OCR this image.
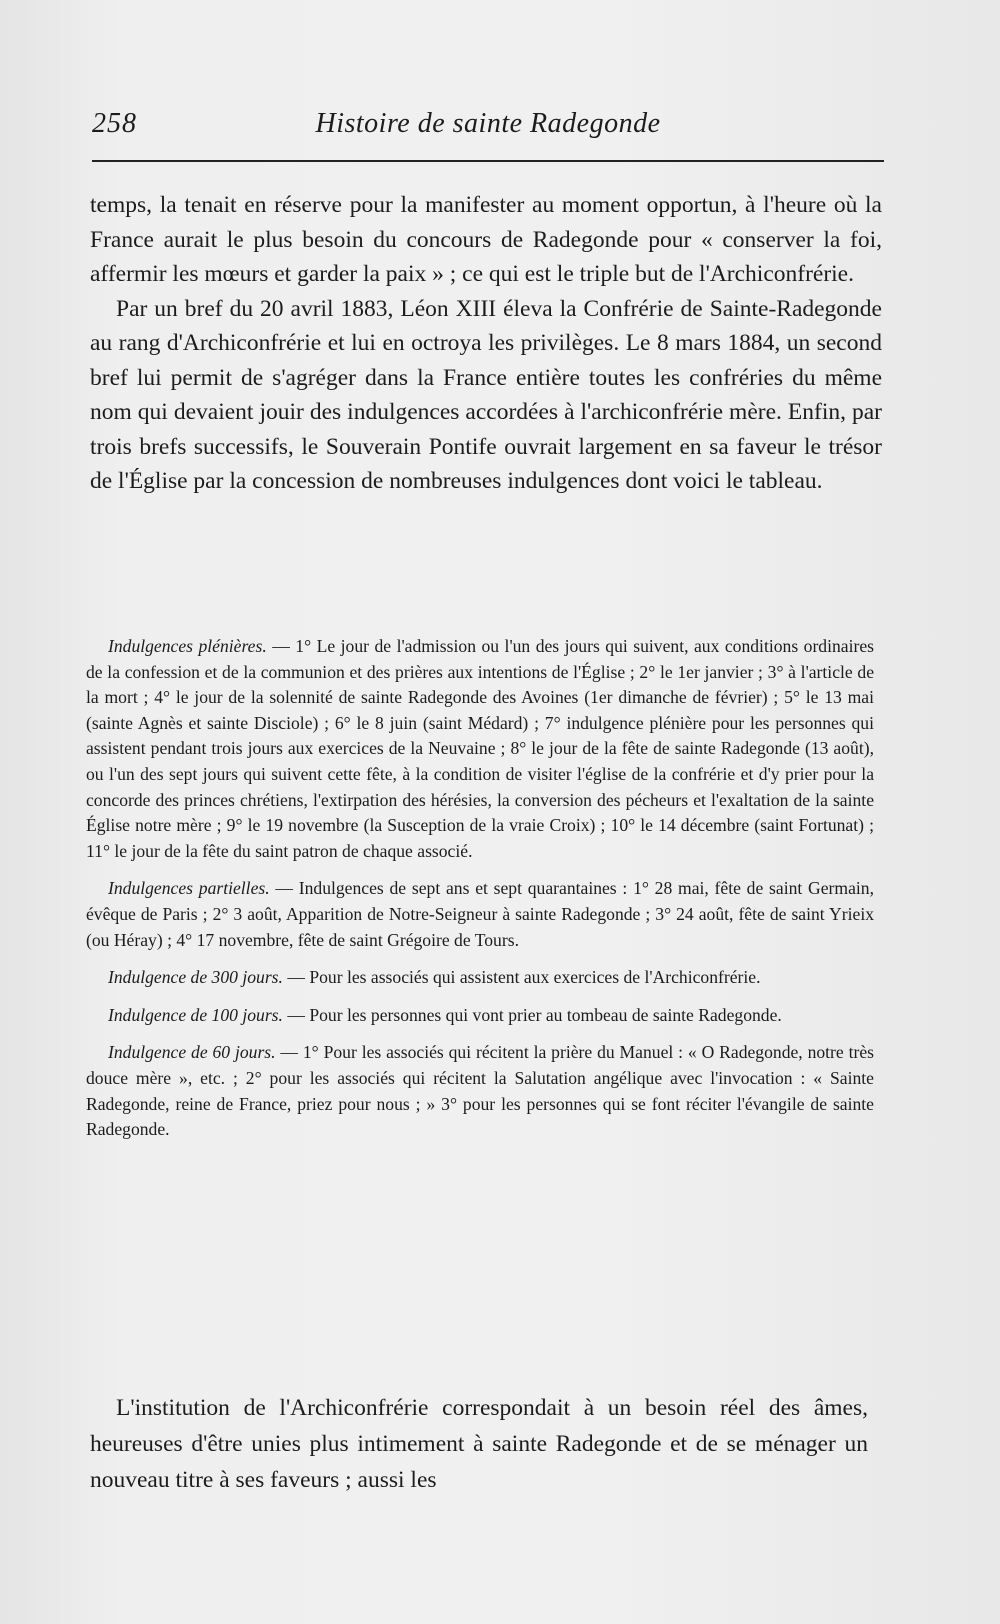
258	Histoire de sainte Radegonde

temps, la tenait en réserve pour la manifester au moment opportun, à l'heure où la France aurait le plus besoin du concours de Radegonde pour « conserver la foi, affermir les mœurs et garder la paix » ; ce qui est le triple but de l'Archiconfrérie.

Par un bref du 20 avril 1883, Léon XIII éleva la Confrérie de Sainte-Radegonde au rang d'Archiconfrérie et lui en octroya les privilèges. Le 8 mars 1884, un second bref lui permit de s'agréger dans la France entière toutes les confréries du même nom qui devaient jouir des indulgences accordées à l'archiconfrérie mère. Enfin, par trois brefs successifs, le Souverain Pontife ouvrait largement en sa faveur le trésor de l'Église par la concession de nombreuses indulgences dont voici le tableau.

Indulgences plénières. — 1° Le jour de l'admission ou l'un des jours qui suivent, aux conditions ordinaires de la confession et de la communion et des prières aux intentions de l'Église ; 2° le 1er janvier ; 3° à l'article de la mort ; 4° le jour de la solennité de sainte Radegonde des Avoines (1er dimanche de février) ; 5° le 13 mai (sainte Agnès et sainte Disciole) ; 6° le 8 juin (saint Médard) ; 7° indulgence plénière pour les personnes qui assistent pendant trois jours aux exercices de la Neuvaine ; 8° le jour de la fête de sainte Radegonde (13 août), ou l'un des sept jours qui suivent cette fête, à la condition de visiter l'église de la confrérie et d'y prier pour la concorde des princes chrétiens, l'extirpation des hérésies, la conversion des pécheurs et l'exaltation de la sainte Église notre mère ; 9° le 19 novembre (la Susception de la vraie Croix) ; 10° le 14 décembre (saint Fortunat) ; 11° le jour de la fête du saint patron de chaque associé.

Indulgences partielles. — Indulgences de sept ans et sept quarantaines : 1° 28 mai, fête de saint Germain, évêque de Paris ; 2° 3 août, Apparition de Notre-Seigneur à sainte Radegonde ; 3° 24 août, fête de saint Yrieix (ou Héray) ; 4° 17 novembre, fête de saint Grégoire de Tours.

Indulgence de 300 jours. — Pour les associés qui assistent aux exercices de l'Archiconfrérie.

Indulgence de 100 jours. — Pour les personnes qui vont prier au tombeau de sainte Radegonde.

Indulgence de 60 jours. — 1° Pour les associés qui récitent la prière du Manuel : « O Radegonde, notre très douce mère », etc. ; 2° pour les associés qui récitent la Salutation angélique avec l'invocation : « Sainte Radegonde, reine de France, priez pour nous ; » 3° pour les personnes qui se font réciter l'évangile de sainte Radegonde.

L'institution de l'Archiconfrérie correspondait à un besoin réel des âmes, heureuses d'être unies plus intimement à sainte Radegonde et de se ménager un nouveau titre à ses faveurs ; aussi les
